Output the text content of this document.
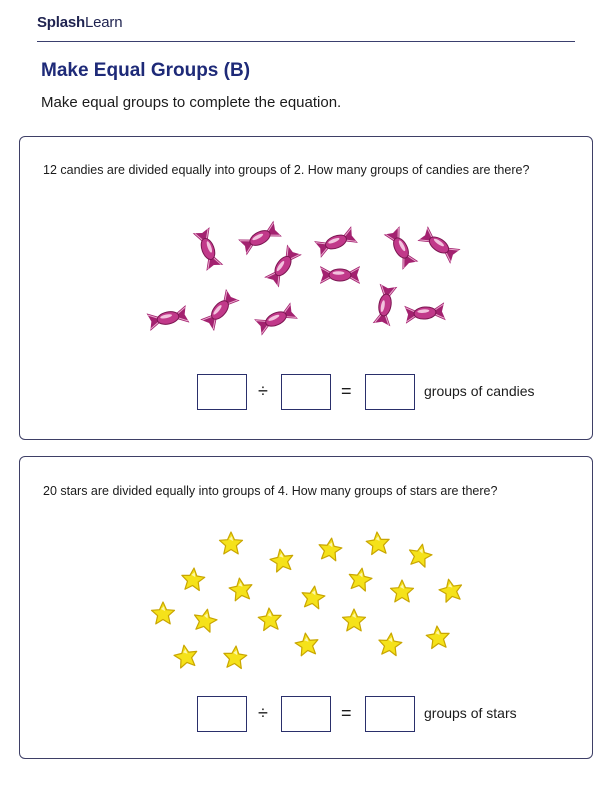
SplashLearn
Make Equal Groups (B)
Make equal groups to complete the equation.
12 candies are divided equally into groups of 2. How many groups of candies are there?
÷	=	groups of candies
20 stars are divided equally into groups of 4. How many groups of stars are there?
÷	=	groups of stars
